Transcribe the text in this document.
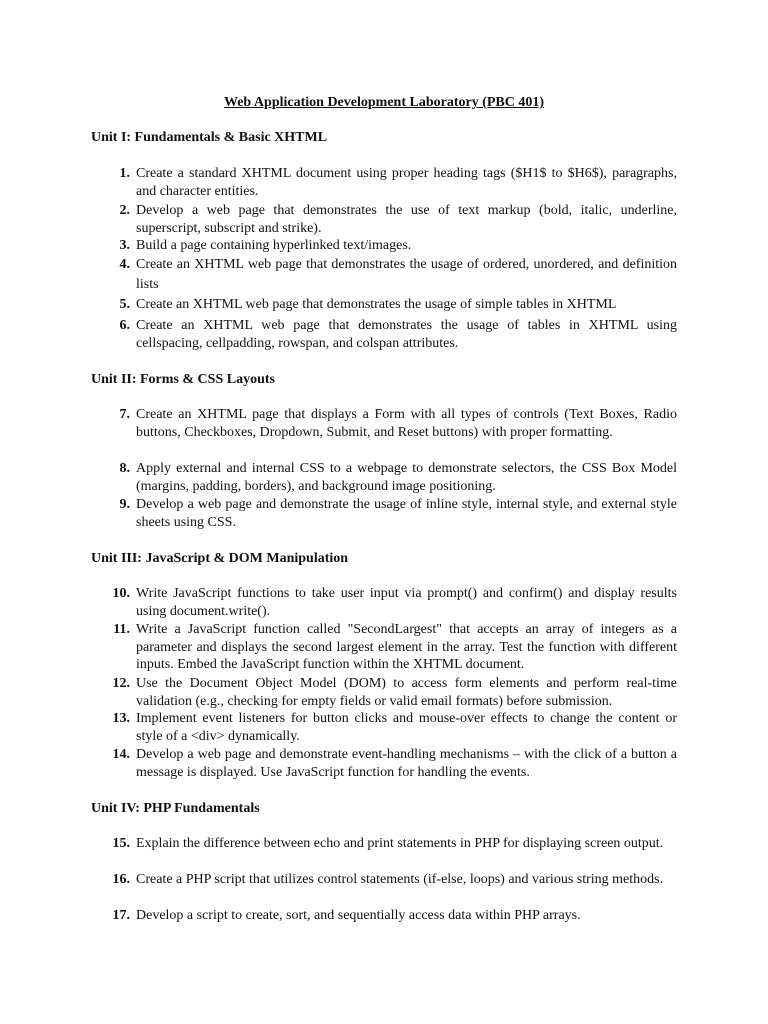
Web Application Development Laboratory (PBC 401)
Unit I: Fundamentals & Basic XHTML
1. Create a standard XHTML document using proper heading tags ($H1$ to $H6$), paragraphs, and character entities.
2. Develop a web page that demonstrates the use of text markup (bold, italic, underline, superscript, subscript and strike).
3. Build a page containing hyperlinked text/images.
4. Create an XHTML web page that demonstrates the usage of ordered, unordered, and definition lists
5. Create an XHTML web page that demonstrates the usage of simple tables in XHTML
6. Create an XHTML web page that demonstrates the usage of tables in XHTML using cellspacing, cellpadding, rowspan, and colspan attributes.
Unit II: Forms & CSS Layouts
7. Create an XHTML page that displays a Form with all types of controls (Text Boxes, Radio buttons, Checkboxes, Dropdown, Submit, and Reset buttons) with proper formatting.
8. Apply external and internal CSS to a webpage to demonstrate selectors, the CSS Box Model (margins, padding, borders), and background image positioning.
9. Develop a web page and demonstrate the usage of inline style, internal style, and external style sheets using CSS.
Unit III: JavaScript & DOM Manipulation
10. Write JavaScript functions to take user input via prompt() and confirm() and display results using document.write().
11. Write a JavaScript function called "SecondLargest" that accepts an array of integers as a parameter and displays the second largest element in the array. Test the function with different inputs. Embed the JavaScript function within the XHTML document.
12. Use the Document Object Model (DOM) to access form elements and perform real-time validation (e.g., checking for empty fields or valid email formats) before submission.
13. Implement event listeners for button clicks and mouse-over effects to change the content or style of a <div> dynamically.
14. Develop a web page and demonstrate event-handling mechanisms – with the click of a button a message is displayed. Use JavaScript function for handling the events.
Unit IV: PHP Fundamentals
15. Explain the difference between echo and print statements in PHP for displaying screen output.
16. Create a PHP script that utilizes control statements (if-else, loops) and various string methods.
17. Develop a script to create, sort, and sequentially access data within PHP arrays.
